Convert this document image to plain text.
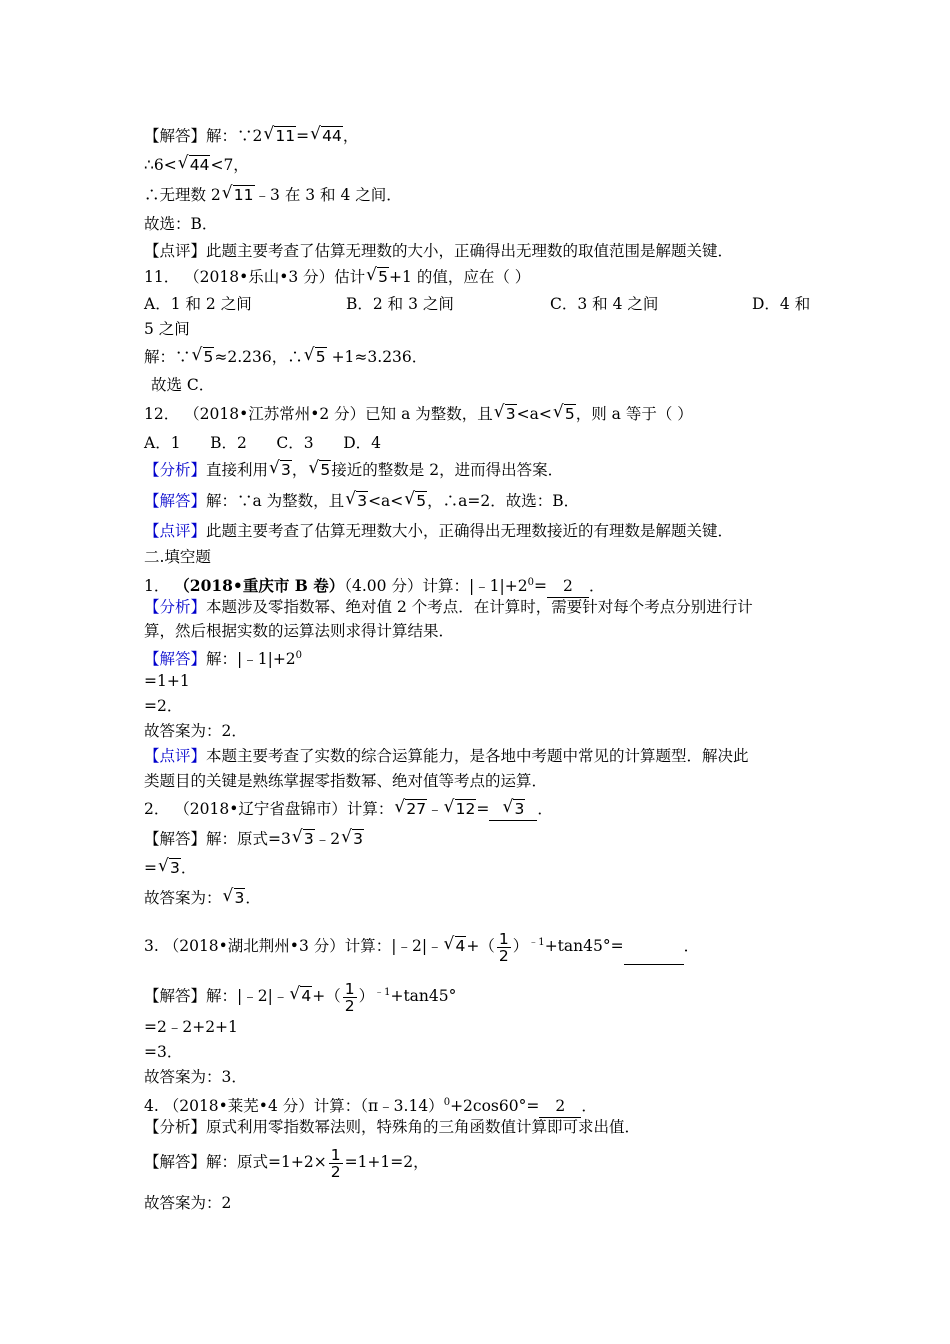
【解答】解：∵2 √ 11= √ 44，
∴6< √ 44<7，
∴无理数 2 √ 11﹣3 在 3 和 4 之间．
故选：B．
【点评】此题主要考查了估算无理数的大小，正确得出无理数的取值范围是解题关键．
11． （2018•乐山•3 分）估计 √ 5+1 的值，应在（ ）
A．1 和 2 之间	B．2 和 3 之间	C．3 和 4 之间	D．4 和
5 之间
解：∵ √ 5≈2.236，∴ √ 5 +1≈3.236．
故选 C．
12． （2018•江苏常州•2 分）已知 a 为整数，且 √ 3<a< √ 5，则 a 等于（ ）
A．1      B．2      C．3      D．4
【分析】直接利用 √ 3， √ 5接近的整数是 2，进而得出答案．
【解答】解：∵a 为整数，且 √ 3<a< √ 5，∴a=2．故选：B．
【点评】此题主要考查了估算无理数大小，正确得出无理数接近的有理数是解题关键．
二.填空题
1． （2018•重庆市 B 卷）（4.00 分）计算：$|﹣1|+2^0= 2$ ．
【分析】本题涉及零指数幂、绝对值 2 个考点．在计算时，需要针对每个考点分别进行计
算，然后根据实数的运算法则求得计算结果．
【解答】解：$|﹣1|+2^0$
=1+1
=2．
故答案为：2．
【点评】本题主要考查了实数的综合运算能力，是各地中考题中常见的计算题型．解决此
类题目的关键是熟练掌握零指数幂、绝对值等考点的运算．
2． （2018•辽宁省盘锦市）计算： √ 27﹣ √ 12= √ 3 ．
【解答】解：原式=3 √ 3﹣2 √ 3
= √ 3．
故答案为： √ 3．
3. （2018•湖北荆州•3 分）计算：|﹣2|﹣ √ $4+( \frac{1}{2} )^{﹣1}+\tan 45^\circ=$	．
【解答】解：|﹣2|﹣ √ $4+( \frac{1}{2} )^{﹣1}+\tan 45^\circ$
=2﹣2+2+1
=3．
故答案为：3．
4. （2018•莱芜•4 分）计算：（π﹣3.14）$^0$+2cos60°= 2 ．
【分析】原式利用零指数幂法则，特殊角的三角函数值计算即可求出值．
【解答】解：原式$=1+2\times \frac{1}{2} =1+1=2$，
故答案为：2
